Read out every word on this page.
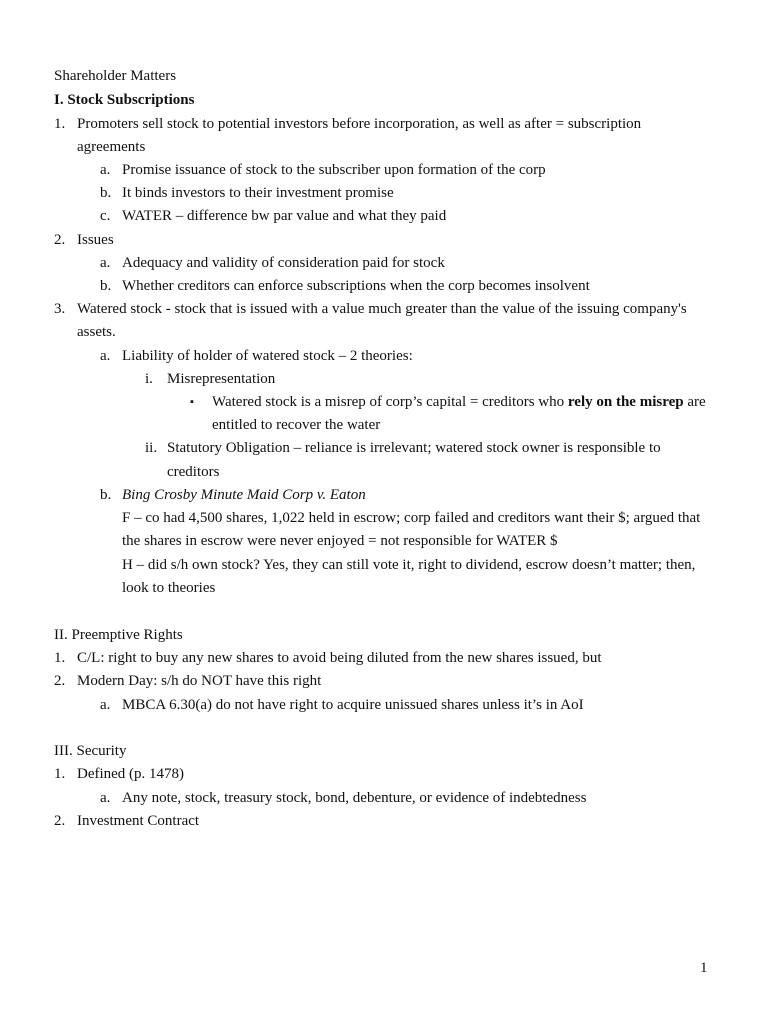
Shareholder Matters
I. Stock Subscriptions
1. Promoters sell stock to potential investors before incorporation, as well as after = subscription
agreements
a. Promise issuance of stock to the subscriber upon formation of the corp
b. It binds investors to their investment promise
c. WATER – difference bw par value and what they paid
2. Issues
a. Adequacy and validity of consideration paid for stock
b. Whether creditors can enforce subscriptions when the corp becomes insolvent
3. Watered stock - stock that is issued with a value much greater than the value of the issuing company's
assets.
a. Liability of holder of watered stock – 2 theories:
i. Misrepresentation
▪ Watered stock is a misrep of corp’s capital = creditors who rely on the misrep are
entitled to recover the water
ii. Statutory Obligation – reliance is irrelevant; watered stock owner is responsible to
creditors
b. Bing Crosby Minute Maid Corp v. Eaton
F – co had 4,500 shares, 1,022 held in escrow; corp failed and creditors want their $; argued that
the shares in escrow were never enjoyed = not responsible for WATER $
H – did s/h own stock? Yes, they can still vote it, right to dividend, escrow doesn’t matter; then,
look to theories
II. Preemptive Rights
1. C/L: right to buy any new shares to avoid being diluted from the new shares issued, but
2. Modern Day: s/h do NOT have this right
a. MBCA 6.30(a) do not have right to acquire unissued shares unless it’s in AoI
III. Security
1. Defined (p. 1478)
a. Any note, stock, treasury stock, bond, debenture, or evidence of indebtedness
2. Investment Contract
1
